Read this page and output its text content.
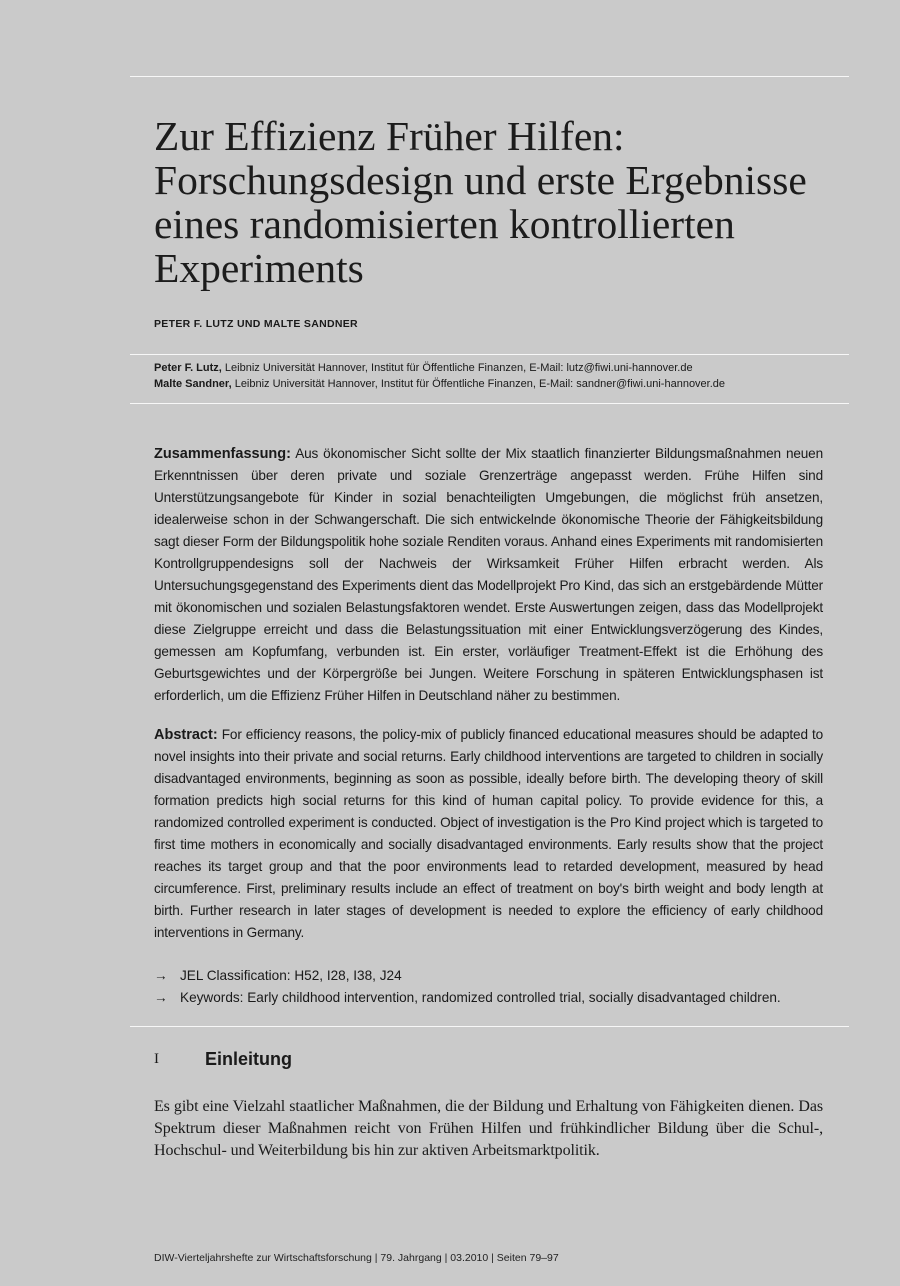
Zur Effizienz Früher Hilfen: Forschungsdesign und erste Ergebnisse eines randomisierten kontrollierten Experiments
PETER F. LUTZ UND MALTE SANDNER
Peter F. Lutz, Leibniz Universität Hannover, Institut für Öffentliche Finanzen, E-Mail: lutz@fiwi.uni-hannover.de
Malte Sandner, Leibniz Universität Hannover, Institut für Öffentliche Finanzen, E-Mail: sandner@fiwi.uni-hannover.de
Zusammenfassung: Aus ökonomischer Sicht sollte der Mix staatlich finanzierter Bildungsmaßnahmen neuen Erkenntnissen über deren private und soziale Grenzerträge angepasst werden. Frühe Hilfen sind Unterstützungsangebote für Kinder in sozial benachteiligten Umgebungen, die möglichst früh ansetzen, idealerweise schon in der Schwangerschaft. Die sich entwickelnde ökonomische Theorie der Fähigkeitsbildung sagt dieser Form der Bildungspolitik hohe soziale Renditen voraus. Anhand eines Experiments mit randomisierten Kontrollgruppendesigns soll der Nachweis der Wirksamkeit Früher Hilfen erbracht werden. Als Untersuchungsgegenstand des Experiments dient das Modellprojekt Pro Kind, das sich an erstgebärdende Mütter mit ökonomischen und sozialen Belastungsfaktoren wendet. Erste Auswertungen zeigen, dass das Modellprojekt diese Zielgruppe erreicht und dass die Belastungssituation mit einer Entwicklungsverzögerung des Kindes, gemessen am Kopfumfang, verbunden ist. Ein erster, vorläufiger Treatment-Effekt ist die Erhöhung des Geburtsgewichtes und der Körpergröße bei Jungen. Weitere Forschung in späteren Entwicklungsphasen ist erforderlich, um die Effizienz Früher Hilfen in Deutschland näher zu bestimmen.
Abstract: For efficiency reasons, the policy-mix of publicly financed educational measures should be adapted to novel insights into their private and social returns. Early childhood interventions are targeted to children in socially disadvantaged environments, beginning as soon as possible, ideally before birth. The developing theory of skill formation predicts high social returns for this kind of human capital policy. To provide evidence for this, a randomized controlled experiment is conducted. Object of investigation is the Pro Kind project which is targeted to first time mothers in economically and socially disadvantaged environments. Early results show that the project reaches its target group and that the poor environments lead to retarded development, measured by head circumference. First, preliminary results include an effect of treatment on boy's birth weight and body length at birth. Further research in later stages of development is needed to explore the efficiency of early childhood interventions in Germany.
→ JEL Classification: H52, I28, I38, J24
→ Keywords: Early childhood intervention, randomized controlled trial, socially disadvantaged children.
I	Einleitung
Es gibt eine Vielzahl staatlicher Maßnahmen, die der Bildung und Erhaltung von Fähigkeiten dienen. Das Spektrum dieser Maßnahmen reicht von Frühen Hilfen und frühkindlicher Bildung über die Schul-, Hochschul- und Weiterbildung bis hin zur aktiven Arbeitsmarktpolitik.
DIW-Vierteljahrshefte zur Wirtschaftsforschung | 79. Jahrgang | 03.2010 | Seiten 79–97
